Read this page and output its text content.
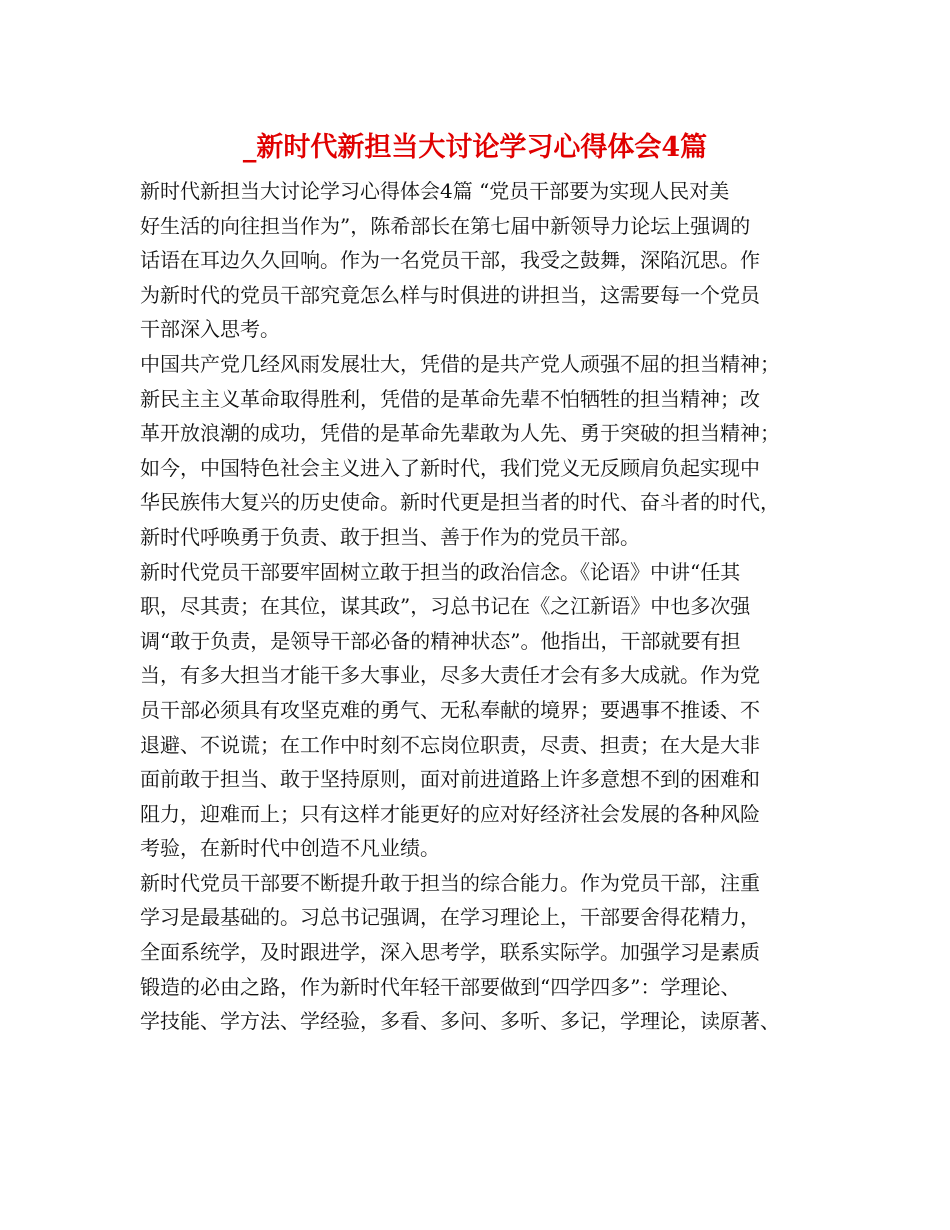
_新时代新担当大讨论学习心得体会4篇

新时代新担当大讨论学习心得体会4篇 “党员干部要为实现人民对美
好生活的向往担当作为”，陈希部长在第七届中新领导力论坛上强调的
话语在耳边久久回响。作为一名党员干部，我受之鼓舞，深陷沉思。作
为新时代的党员干部究竟怎么样与时俱进的讲担当，这需要每一个党员
干部深入思考。

中国共产党几经风雨发展壮大，凭借的是共产党人顽强不屈的担当精神；
新民主主义革命取得胜利，凭借的是革命先辈不怕牺牲的担当精神；改
革开放浪潮的成功，凭借的是革命先辈敢为人先、勇于突破的担当精神；
如今，中国特色社会主义进入了新时代，我们党义无反顾肩负起实现中
华民族伟大复兴的历史使命。新时代更是担当者的时代、奋斗者的时代，
新时代呼唤勇于负责、敢于担当、善于作为的党员干部。

新时代党员干部要牢固树立敢于担当的政治信念。《论语》中讲“任其
职，尽其责；在其位，谋其政”，习总书记在《之江新语》中也多次强
调“敢于负责，是领导干部必备的精神状态”。他指出，干部就要有担
当，有多大担当才能干多大事业，尽多大责任才会有多大成就。作为党
员干部必须具有攻坚克难的勇气、无私奉献的境界；要遇事不推诿、不
退避、不说谎；在工作中时刻不忘岗位职责，尽责、担责；在大是大非
面前敢于担当、敢于坚持原则，面对前进道路上许多意想不到的困难和
阻力，迎难而上；只有这样才能更好的应对好经济社会发展的各种风险
考验，在新时代中创造不凡业绩。

新时代党员干部要不断提升敢于担当的综合能力。作为党员干部，注重
学习是最基础的。习总书记强调，在学习理论上，干部要舍得花精力，
全面系统学，及时跟进学，深入思考学，联系实际学。加强学习是素质
锻造的必由之路，作为新时代年轻干部要做到“四学四多”：学理论、
学技能、学方法、学经验，多看、多问、多听、多记，学理论，读原著、
